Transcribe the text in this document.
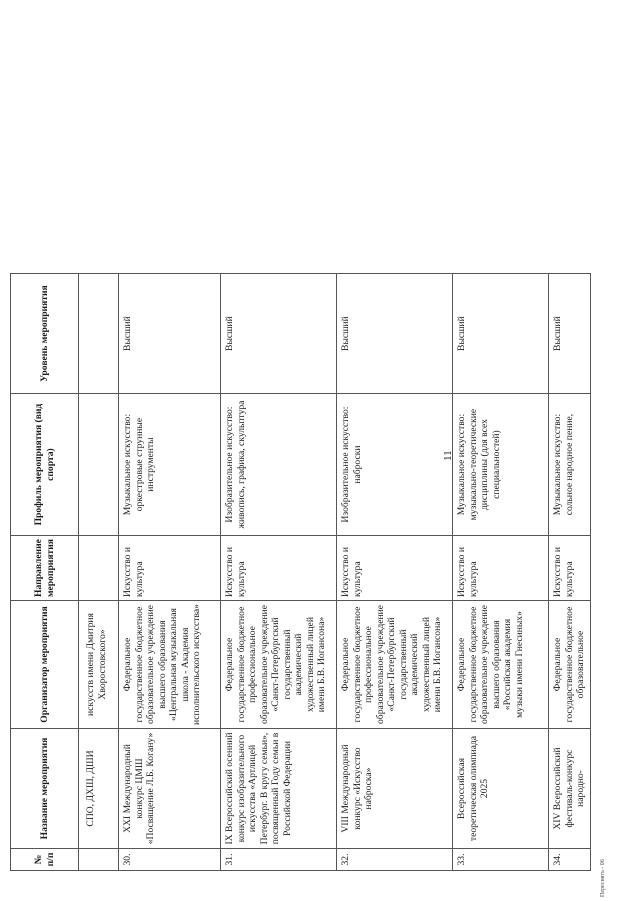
11
№ п/п	Название мероприятия	Организатор мероприятия	Направление мероприятия	Профиль мероприятия (вид спорта)	Уровень мероприятия
	СПО, ДХШ, ДШИ	искусств имени Дмитрия Хворостовского»			
30.	XXI Международный конкурс ЦМШ «Посвящение Л.Б. Когану»	Федеральное государственное бюджетное образовательное учреждение высшего образования «Центральная музыкальная школа - Академия исполнительского искусства»	Искусство и культура	Музыкальное искусство: оркестровые струнные инструменты	Высший
31.	IX Всероссийский осенний конкурс изобразительного искусства «Артлицей Петербург. В кругу семьи», посвященный Году семьи в Российской Федерации	Федеральное государственное бюджетное профессиональное образовательное учреждение «Санкт-Петербургский государственный академический художественный лицей имени Б.В. Иогансона»	Искусство и культура	Изобразительное искусство: живопись, графика, скульптура	Высший
32.	VIII Международный конкурс «Искусство наброска»	Федеральное государственное бюджетное профессиональное образовательное учреждение «Санкт-Петербургский государственный академический художественный лицей имени Б.В. Иогансона»	Искусство и культура	Изобразительное искусство: наброски	Высший
33.	Всероссийская теоретическая олимпиада 2025	Федеральное государственное бюджетное образовательное учреждение высшего образования «Российская академия музыки имени Гнесиных»	Искусство и культура	Музыкальное искусство: музыкально-теоретические дисциплины (для всех специальностей)	Высший
34.	XIV Всероссийский фестиваль-конкурс народно-	Федеральное государственное бюджетное образовательное	Искусство и культура	Музыкальное искусство: сольное народное пение,	Высший
Переснять - 06
